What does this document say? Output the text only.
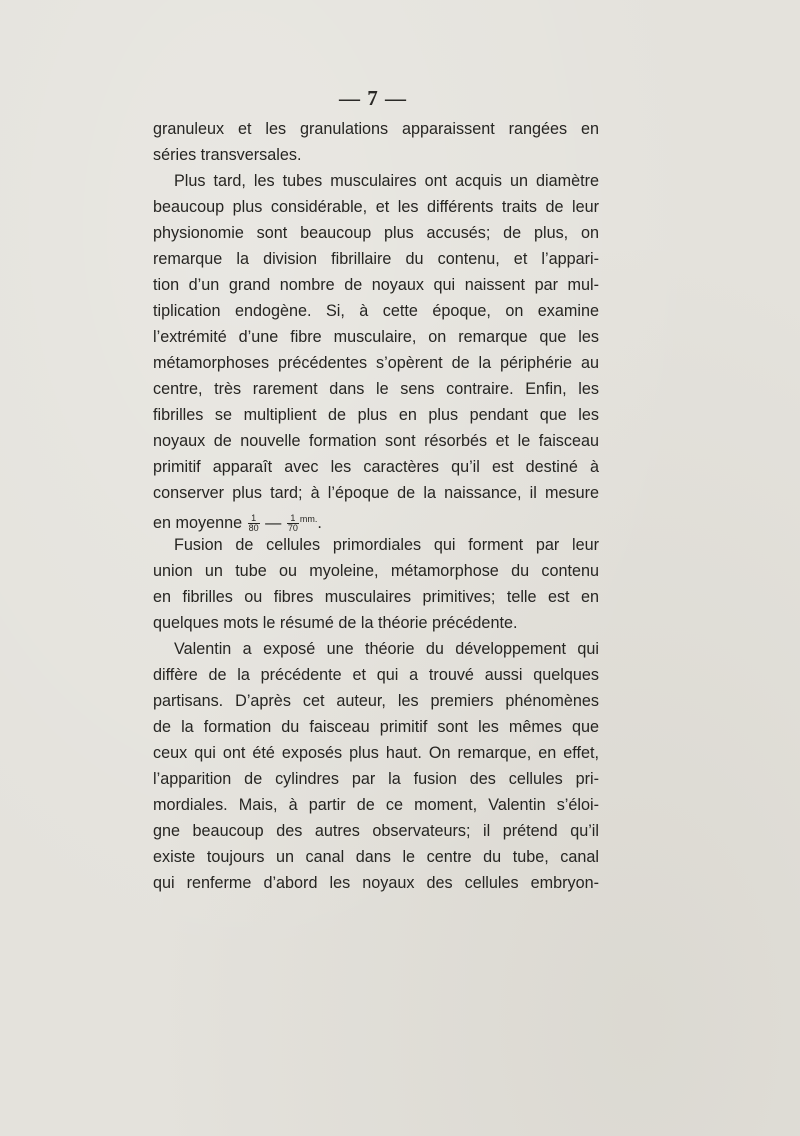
— 7 —
granuleux et les granulations apparaissent rangées en
séries transversales.
Plus tard, les tubes musculaires ont acquis un diamètre
beaucoup plus considérable, et les différents traits de leur
physionomie sont beaucoup plus accusés; de plus, on
remarque la division fibrillaire du contenu, et l’appari-
tion d’un grand nombre de noyaux qui naissent par mul-
tiplication endogène. Si, à cette époque, on examine
l’extrémité d’une fibre musculaire, on remarque que les
métamorphoses précédentes s’opèrent de la périphérie au
centre, très rarement dans le sens contraire. Enfin, les
fibrilles se multiplient de plus en plus pendant que les
noyaux de nouvelle formation sont résorbés et le faisceau
primitif apparaît avec les caractères qu’il est destiné à
conserver plus tard; à l’époque de la naissance, il mesure
en moyenne $\frac{1}{80}$ — $\frac{1}{70} ^{mm.}$.
Fusion de cellules primordiales qui forment par leur
union un tube ou myoleine, métamorphose du contenu
en fibrilles ou fibres musculaires primitives; telle est en
quelques mots le résumé de la théorie précédente.
Valentin a exposé une théorie du développement qui
diffère de la précédente et qui a trouvé aussi quelques
partisans. D’après cet auteur, les premiers phénomènes
de la formation du faisceau primitif sont les mêmes que
ceux qui ont été exposés plus haut. On remarque, en effet,
l’apparition de cylindres par la fusion des cellules pri-
mordiales. Mais, à partir de ce moment, Valentin s’éloi-
gne beaucoup des autres observateurs; il prétend qu’il
existe toujours un canal dans le centre du tube, canal
qui renferme d’abord les noyaux des cellules embryon-
